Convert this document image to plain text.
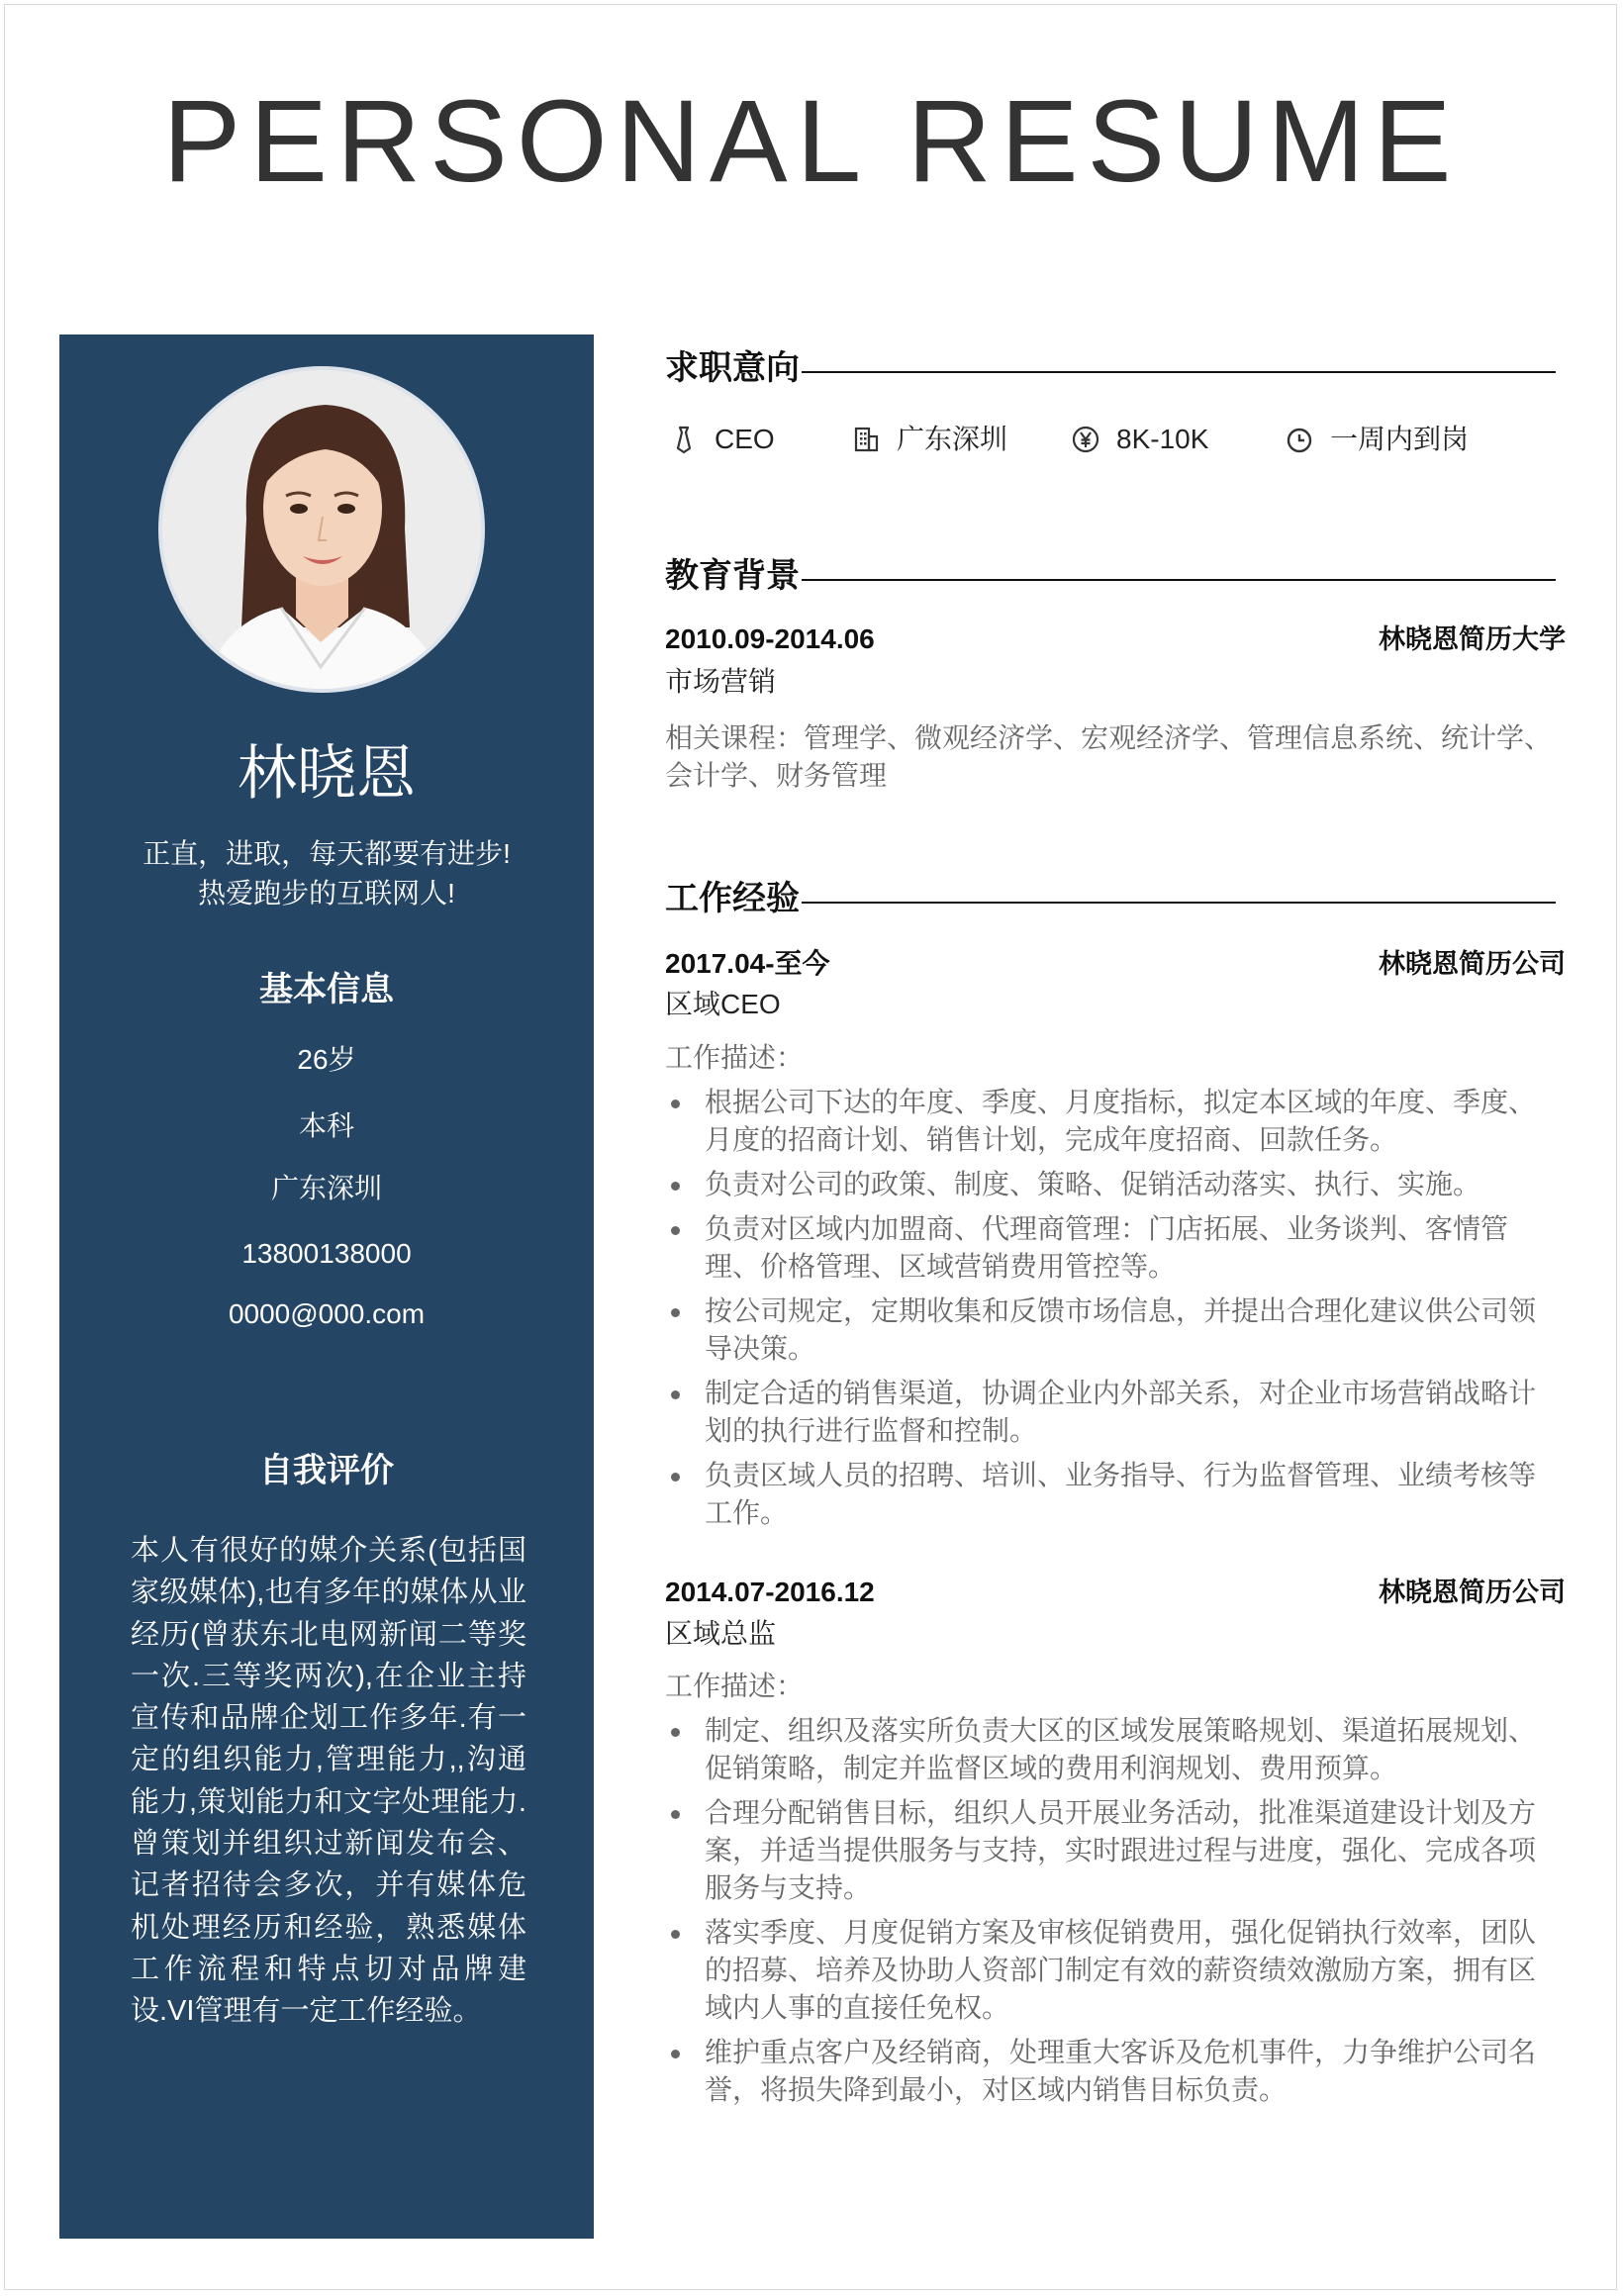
PERSONAL RESUME
林晓恩
正直，进取，每天都要有进步!
热爱跑步的互联网人!
基本信息
26岁
本科
广东深圳
13800138000
0000@000.com
自我评价
本人有很好的媒介关系(包括国家级媒体),也有多年的媒体从业经历(曾获东北电网新闻二等奖一次.三等奖两次),在企业主持宣传和品牌企划工作多年.有一定的组织能力,管理能力,,沟通能力,策划能力和文字处理能力.曾策划并组织过新闻发布会、记者招待会多次，并有媒体危机处理经历和经验，熟悉媒体工作流程和特点切对品牌建设.VI管理有一定工作经验。
求职意向
CEO	广东深圳	8K-10K	一周内到岗
教育背景
2010.09-2014.06	林晓恩简历大学
市场营销
相关课程：管理学、微观经济学、宏观经济学、管理信息系统、统计学、会计学、财务管理
工作经验
2017.04-至今	林晓恩简历公司
区域CEO
工作描述：
根据公司下达的年度、季度、月度指标，拟定本区域的年度、季度、月度的招商计划、销售计划，完成年度招商、回款任务。
负责对公司的政策、制度、策略、促销活动落实、执行、实施。
负责对区域内加盟商、代理商管理：门店拓展、业务谈判、客情管理、价格管理、区域营销费用管控等。
按公司规定，定期收集和反馈市场信息，并提出合理化建议供公司领导决策。
制定合适的销售渠道，协调企业内外部关系，对企业市场营销战略计划的执行进行监督和控制。
负责区域人员的招聘、培训、业务指导、行为监督管理、业绩考核等工作。
2014.07-2016.12	林晓恩简历公司
区域总监
工作描述：
制定、组织及落实所负责大区的区域发展策略规划、渠道拓展规划、促销策略，制定并监督区域的费用利润规划、费用预算。
合理分配销售目标，组织人员开展业务活动，批准渠道建设计划及方案，并适当提供服务与支持，实时跟进过程与进度，强化、完成各项服务与支持。
落实季度、月度促销方案及审核促销费用，强化促销执行效率，团队的招募、培养及协助人资部门制定有效的薪资绩效激励方案，拥有区域内人事的直接任免权。
维护重点客户及经销商，处理重大客诉及危机事件，力争维护公司名誉，将损失降到最小，对区域内销售目标负责。
